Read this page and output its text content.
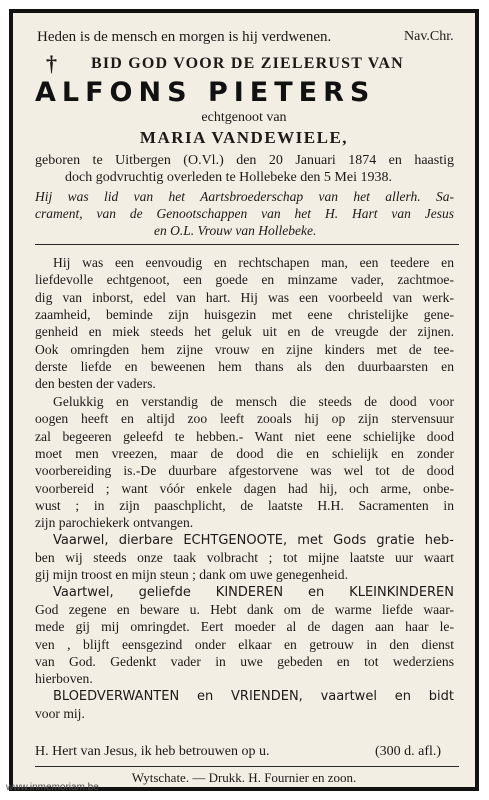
Heden is de mensch en morgen is hij verdwenen.	Nav.Chr.
† BID GOD VOOR DE ZIELERUST VAN
ALFONS PIETERS
echtgenoot van
MARIA VANDEWIELE,
geboren te Uitbergen (O.Vl.) den 20 Januari 1874 en haastig
doch godvruchtig overleden te Hollebeke den 5 Mei 1938.
Hij was lid van het Aartsbroederschap van het allerh. Sa-
crament, van de Genootschappen van het H. Hart van Jesus
en O.L. Vrouw van Hollebeke.
Hij was een eenvoudig en rechtschapen man, een teedere en
liefdevolle echtgenoot, een goede en minzame vader, zachtmoe-
dig van inborst, edel van hart. Hij was een voorbeeld van werk-
zaamheid, beminde zijn huisgezin met eene christelijke gene-
genheid en miek steeds het geluk uit en de vreugde der zijnen.
Ook omringden hem zijne vrouw en zijne kinders met de tee-
derste liefde en beweenen hem thans als den duurbaarsten en
den besten der vaders.
Gelukkig en verstandig de mensch die steeds de dood voor
oogen heeft en altijd zoo leeft zooals hij op zijn stervensuur
zal begeeren geleefd te hebben.- Want niet eene schielijke dood
moet men vreezen, maar de dood die en schielijk en zonder
voorbereiding is.-De duurbare afgestorvene was wel tot de dood
voorbereid ; want vóór enkele dagen had hij, och arme, onbe-
wust ; in zijn paaschplicht, de laatste H.H. Sacramenten in
zijn parochiekerk ontvangen.
Vaarwel, dierbare ECHTGENOOTE, met Gods gratie heb-
ben wij steeds onze taak volbracht ; tot mijne laatste uur waart
gij mijn troost en mijn steun ; dank om uwe genegenheid.
Vaartwel, geliefde KINDEREN en KLEINKINDEREN
God zegene en beware u. Hebt dank om de warme liefde waar-
mede gij mij omringdet. Eert moeder al de dagen aan haar le-
ven , blijft eensgezind onder elkaar en getrouw in den dienst
van God. Gedenkt vader in uwe gebeden en tot wederziens
hierboven.
BLOEDVERWANTEN en VRIENDEN, vaartwel en bidt
voor mij.
H. Hert van Jesus, ik heb betrouwen op u.	(300 d. afl.)
Wytschate. — Drukk. H. Fournier en zoon.
www.inmemoriam.be
